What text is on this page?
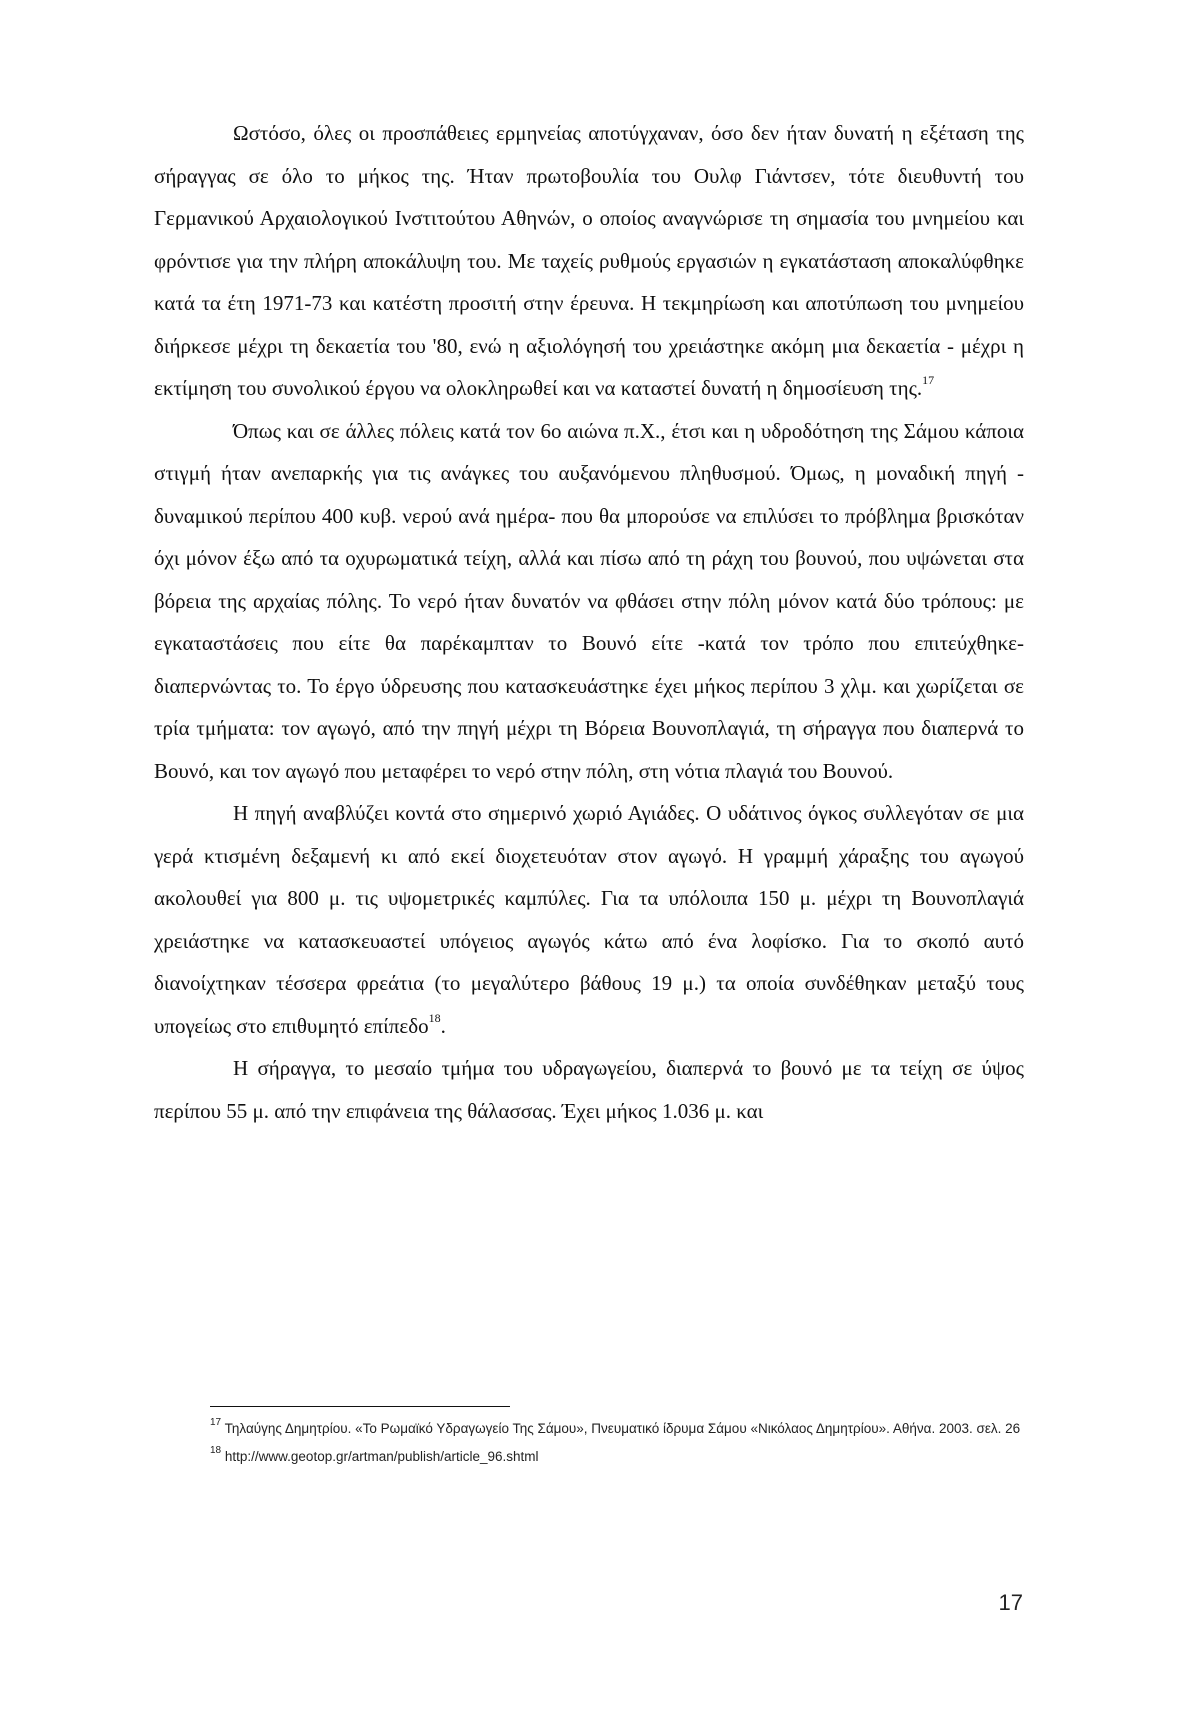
Ωστόσο, όλες οι προσπάθειες ερμηνείας αποτύγχαναν, όσο δεν ήταν δυνατή η εξέταση της σήραγγας σε όλο το μήκος της. Ήταν πρωτοβουλία του Ουλφ Γιάντσεν, τότε διευθυντή του Γερμανικού Αρχαιολογικού Ινστιτούτου Αθηνών, ο οποίος αναγνώρισε τη σημασία του μνημείου και φρόντισε για την πλήρη αποκάλυψη του. Με ταχείς ρυθμούς εργασιών η εγκατάσταση αποκαλύφθηκε κατά τα έτη 1971-73 και κατέστη προσιτή στην έρευνα. Η τεκμηρίωση και αποτύπωση του μνημείου διήρκεσε μέχρι τη δεκαετία του '80, ενώ η αξιολόγησή του χρειάστηκε ακόμη μια δεκαετία - μέχρι η εκτίμηση του συνολικού έργου να ολοκληρωθεί και να καταστεί δυνατή η δημοσίευση της.$^{17}$

Όπως και σε άλλες πόλεις κατά τον 6ο αιώνα π.Χ., έτσι και η υδροδότηση της Σάμου κάποια στιγμή ήταν ανεπαρκής για τις ανάγκες του αυξανόμενου πληθυσμού. Όμως, η μοναδική πηγή - δυναμικού περίπου 400 κυβ. νερού ανά ημέρα- που θα μπορούσε να επιλύσει το πρόβλημα βρισκόταν όχι μόνον έξω από τα οχυρωματικά τείχη, αλλά και πίσω από τη ράχη του βουνού, που υψώνεται στα βόρεια της αρχαίας πόλης. Το νερό ήταν δυνατόν να φθάσει στην πόλη μόνον κατά δύο τρόπους: με εγκαταστάσεις που είτε θα παρέκαμπταν το Βουνό είτε -κατά τον τρόπο που επιτεύχθηκε- διαπερνώντας το. Το έργο ύδρευσης που κατασκευάστηκε έχει μήκος περίπου 3 χλμ. και χωρίζεται σε τρία τμήματα: τον αγωγό, από την πηγή μέχρι τη Βόρεια Βουνοπλαγιά, τη σήραγγα που διαπερνά το Βουνό, και τον αγωγό που μεταφέρει το νερό στην πόλη, στη νότια πλαγιά του Βουνού.

Η πηγή αναβλύζει κοντά στο σημερινό χωριό Αγιάδες. Ο υδάτινος όγκος συλλεγόταν σε μια γερά κτισμένη δεξαμενή κι από εκεί διοχετευόταν στον αγωγό. Η γραμμή χάραξης του αγωγού ακολουθεί για 800 μ. τις υψομετρικές καμπύλες. Για τα υπόλοιπα 150 μ. μέχρι τη Βουνοπλαγιά χρειάστηκε να κατασκευαστεί υπόγειος αγωγός κάτω από ένα λοφίσκο. Για το σκοπό αυτό διανοίχτηκαν τέσσερα φρεάτια (το μεγαλύτερο βάθους 19 μ.) τα οποία συνδέθηκαν μεταξύ τους υπογείως στο επιθυμητό επίπεδο$^{18}$.

Η σήραγγα, το μεσαίο τμήμα του υδραγωγείου, διαπερνά το βουνό με τα τείχη σε ύψος περίπου 55 μ. από την επιφάνεια της θάλασσας. Έχει μήκος 1.036 μ. και

$^{17}$ Τηλαύγης Δημητρίου. «Το Ρωμαϊκό Υδραγωγείο Της Σάμου», Πνευματικό ίδρυμα Σάμου «Νικόλαος Δημητρίου». Αθήνα. 2003. σελ. 26

$^{18}$ http://www.geotop.gr/artman/publish/article_96.shtml

17
